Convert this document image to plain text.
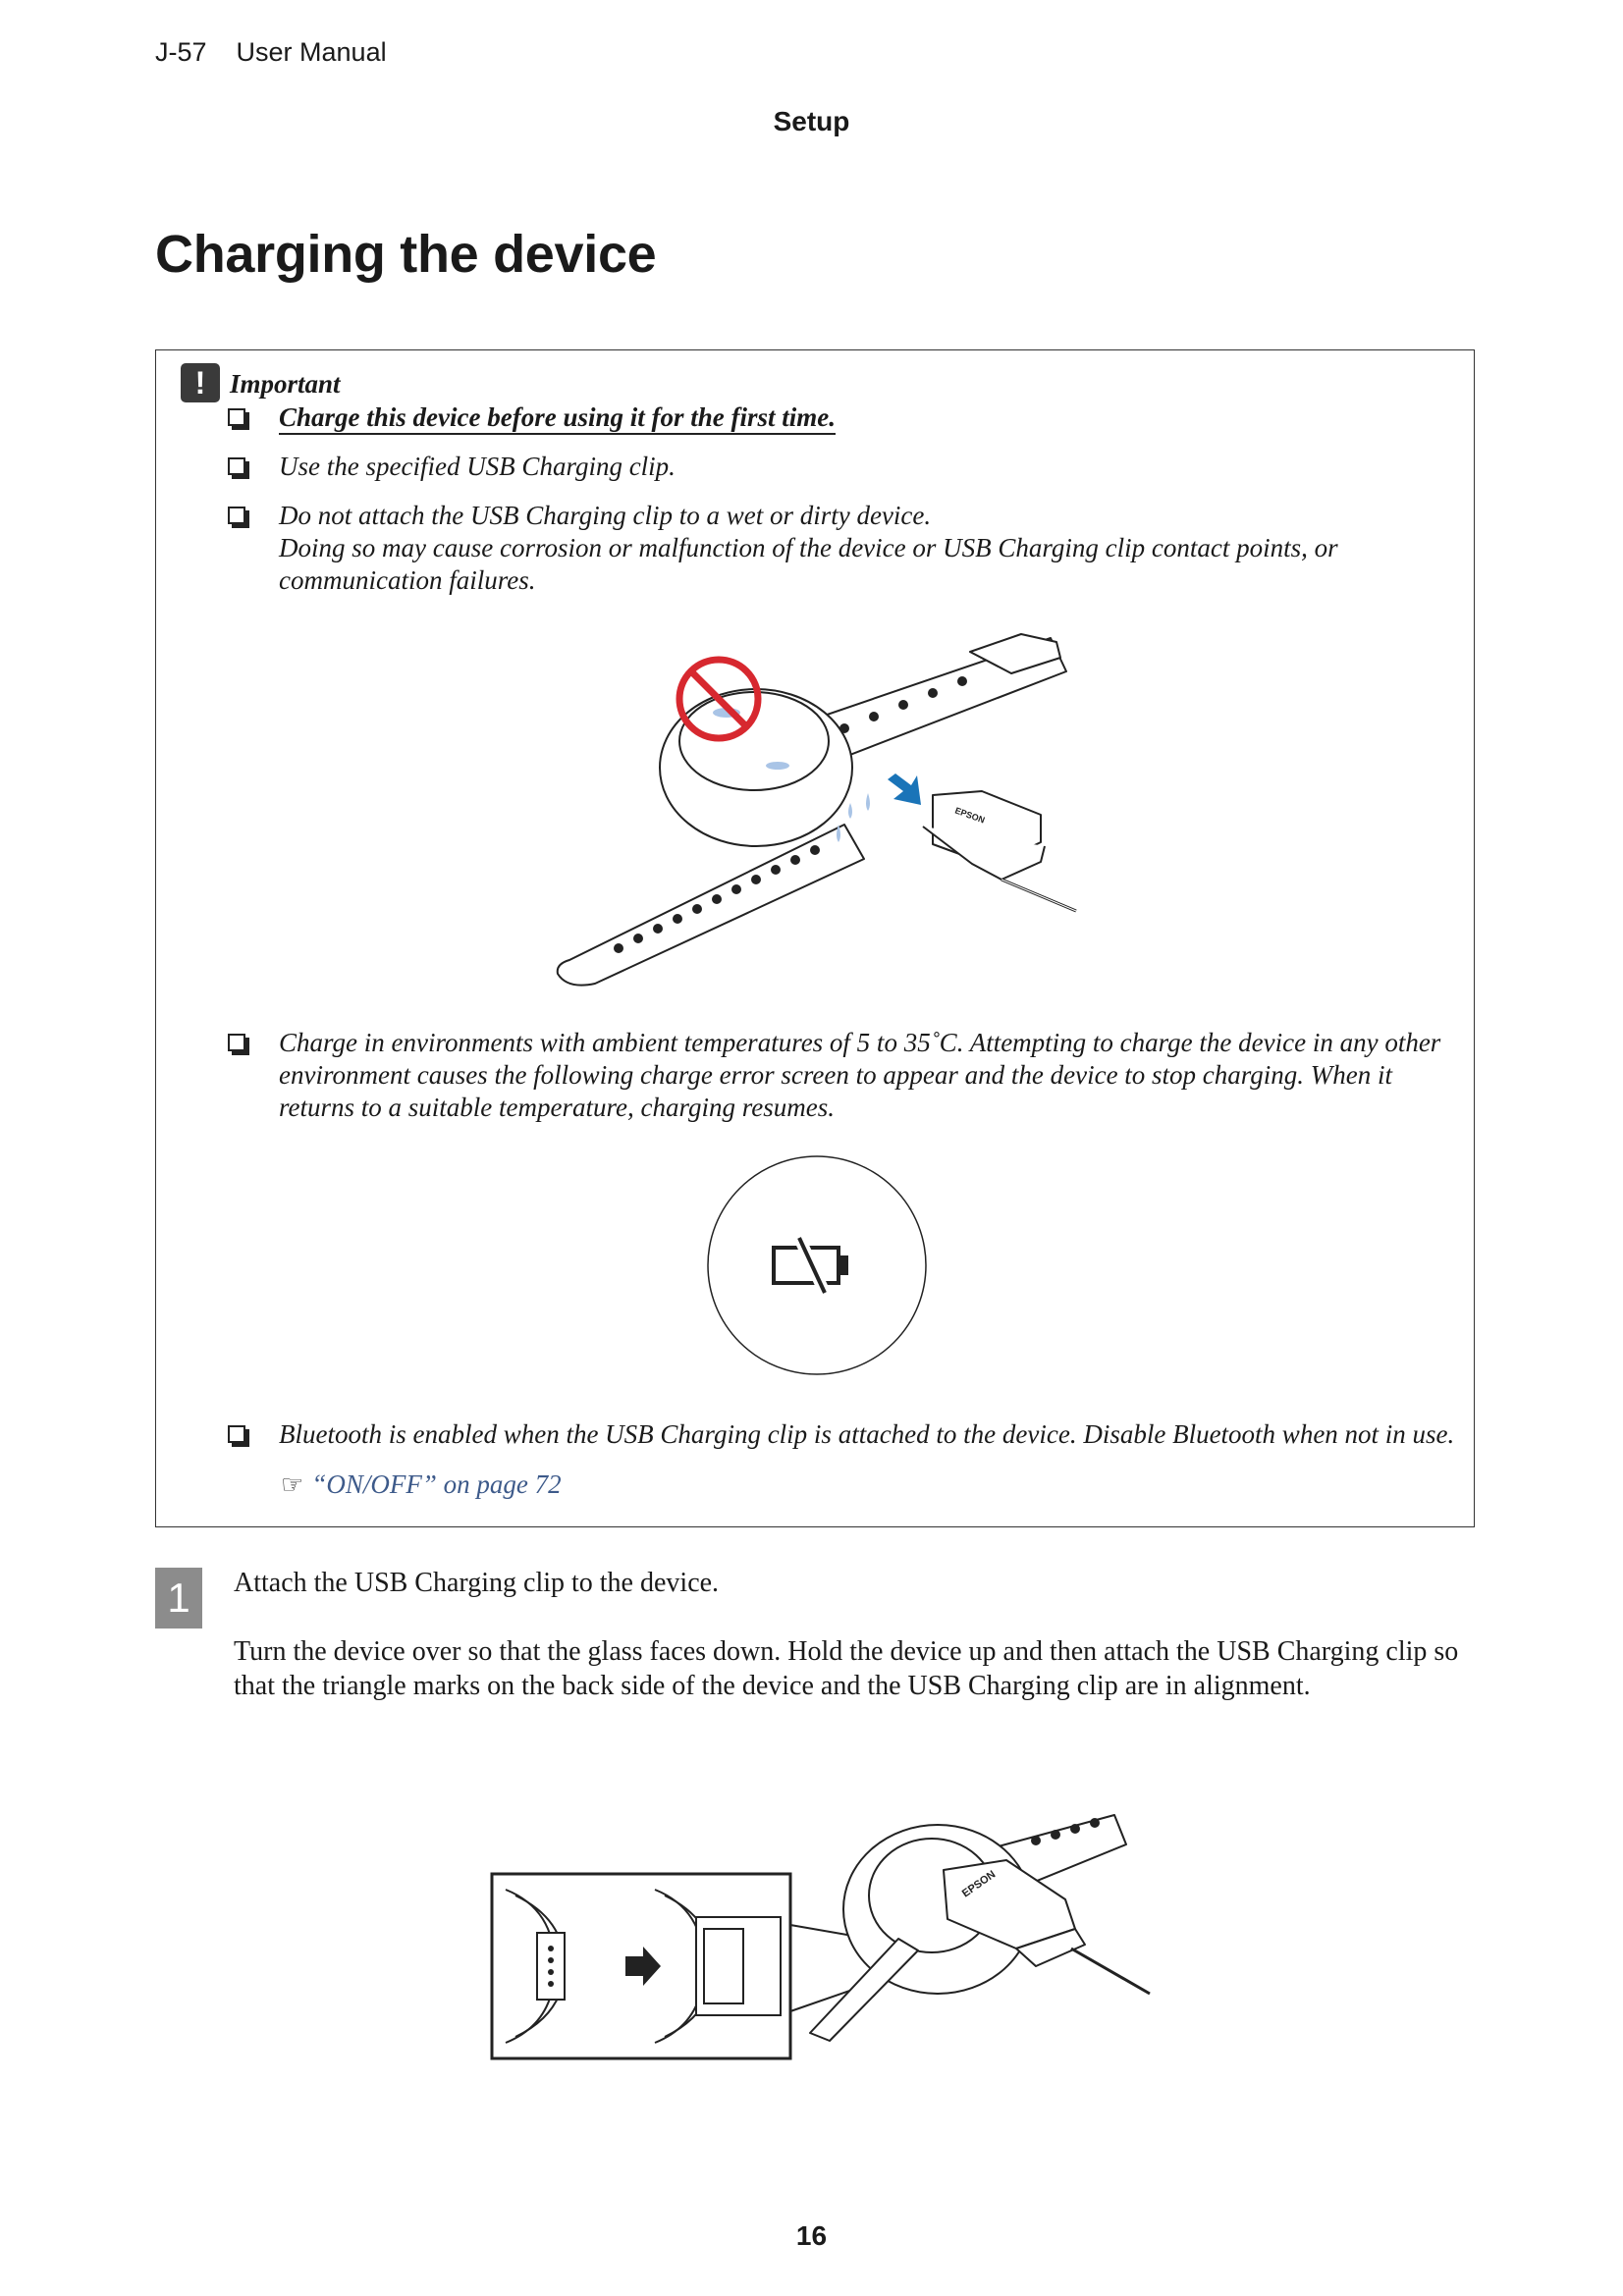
J-57 User Manual
Setup
Charging the device
! Important
Charge this device before using it for the first time.

Use the specified USB Charging clip.

Do not attach the USB Charging clip to a wet or dirty device.

Doing so may cause corrosion or malfunction of the device or USB Charging clip contact points, or

communication failures.

EPSON

Charge in environments with ambient temperatures of 5 to 35˚C. Attempting to charge the device in any other

environment causes the following charge error screen to appear and the device to stop charging. When it

returns to a suitable temperature, charging resumes.

Bluetooth is enabled when the USB Charging clip is attached to the device. Disable Bluetooth when not in use.

☞ “ON/OFF” on page 72
1	Attach the USB Charging clip to the device.

Turn the device over so that the glass faces down. Hold the device up and then attach the USB Charging clip so that the triangle marks on the back side of the device and the USB Charging clip are in alignment.

EPSON
16
